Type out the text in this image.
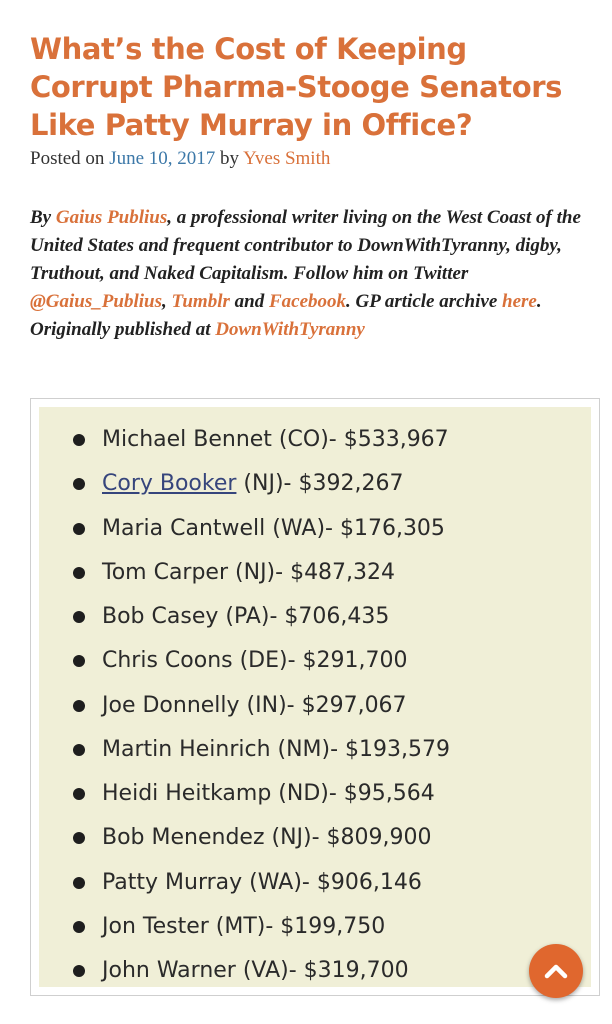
What’s the Cost of Keeping Corrupt Pharma-Stooge Senators Like Patty Murray in Office?
Posted on June 10, 2017 by Yves Smith
By Gaius Publius, a professional writer living on the West Coast of the United States and frequent contributor to DownWithTyranny, digby, Truthout, and Naked Capitalism. Follow him on Twitter @Gaius_Publius, Tumblr and Facebook. GP article archive here. Originally published at DownWithTyranny
Michael Bennet (CO)- $533,967
Cory Booker (NJ)- $392,267
Maria Cantwell (WA)- $176,305
Tom Carper (NJ)- $487,324
Bob Casey (PA)- $706,435
Chris Coons (DE)- $291,700
Joe Donnelly (IN)- $297,067
Martin Heinrich (NM)- $193,579
Heidi Heitkamp (ND)- $95,564
Bob Menendez (NJ)- $809,900
Patty Murray (WA)- $906,146
Jon Tester (MT)- $199,750
John Warner (VA)- $319,700
